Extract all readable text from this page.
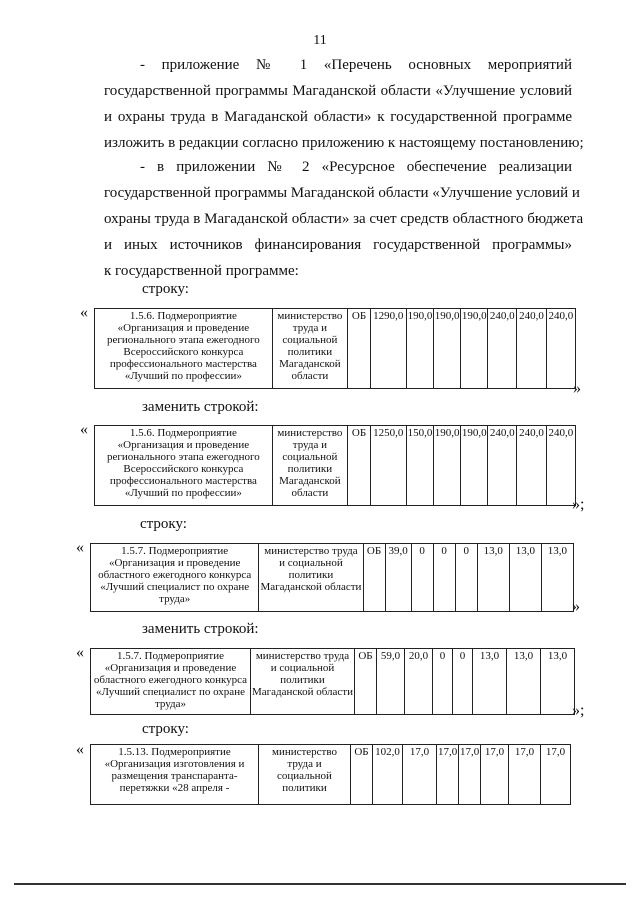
11
- приложение № 1 «Перечень основных мероприятий
государственной программы Магаданской области «Улучшение условий
и охраны труда в Магаданской области» к государственной программе
изложить в редакции согласно приложению к настоящему постановлению;
- в приложении № 2 «Ресурсное обеспечение реализации
государственной программы Магаданской области «Улучшение условий и
охраны труда в Магаданской области» за счет средств областного бюджета
и иных источников финансирования государственной программы»
к государственной программе:
строку:
«	1.5.6. Подмероприятие «Организация и проведение регионального этапа ежегодного Всероссийского конкурса профессионального мастерства «Лучший по профессии»	министерство труда и социальной политики Магаданской области	ОБ	1290,0	190,0	190,0	190,0	240,0	240,0	240,0
»
заменить строкой:
«	1.5.6. Подмероприятие «Организация и проведение регионального этапа ежегодного Всероссийского конкурса профессионального мастерства «Лучший по профессии»	министерство труда и социальной политики Магаданской области	ОБ	1250,0	150,0	190,0	190,0	240,0	240,0	240,0
»;
строку:
«	1.5.7. Подмероприятие «Организация и проведение областного ежегодного конкурса «Лучший специалист по охране труда»	министерство труда и социальной политики Магаданской области	ОБ	39,0	0	0	0	13,0	13,0	13,0
»
заменить строкой:
«	1.5.7. Подмероприятие «Организация и проведение областного ежегодного конкурса «Лучший специалист по охране труда»	министерство труда и социальной политики Магаданской области	ОБ	59,0	20,0	0	0	13,0	13,0	13,0
»;
строку:
«	1.5.13. Подмероприятие «Организация изготовления и размещения транспаранта-перетяжки «28 апреля -	министерство труда и социальной политики	ОБ	102,0	17,0	17,0	17,0	17,0	17,0	17,0
